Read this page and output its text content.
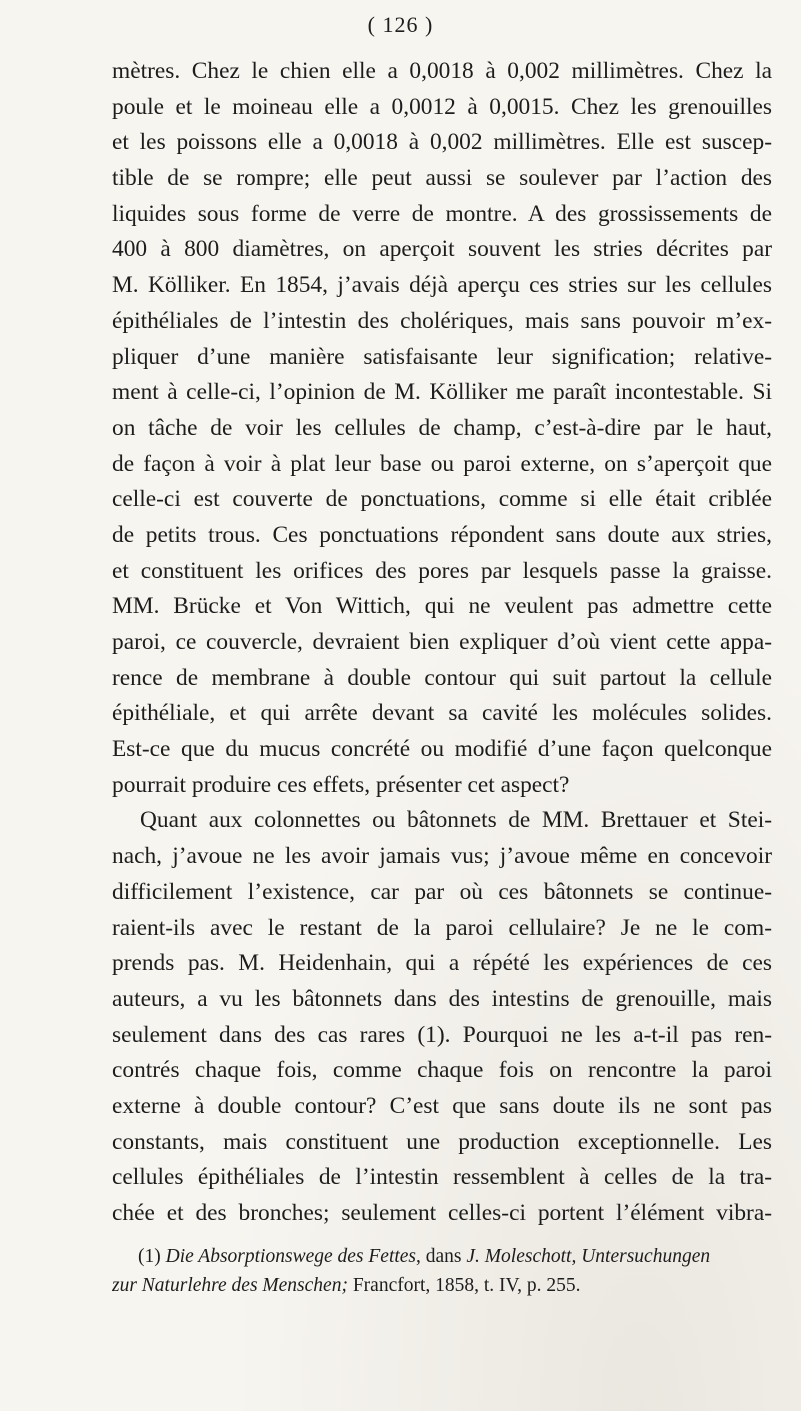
( 126 )
mètres. Chez le chien elle a 0,0018 à 0,002 millimètres. Chez la
poule et le moineau elle a 0,0012 à 0,0015. Chez les grenouilles
et les poissons elle a 0,0018 à 0,002 millimètres. Elle est suscep-
tible de se rompre; elle peut aussi se soulever par l’action des
liquides sous forme de verre de montre. A des grossissements de
400 à 800 diamètres, on aperçoit souvent les stries décrites par
M. Kölliker. En 1854, j’avais déjà aperçu ces stries sur les cellules
épithéliales de l’intestin des cholériques, mais sans pouvoir m’ex-
pliquer d’une manière satisfaisante leur signification; relative-
ment à celle-ci, l’opinion de M. Kölliker me paraît incontestable. Si
on tâche de voir les cellules de champ, c’est-à-dire par le haut,
de façon à voir à plat leur base ou paroi externe, on s’aperçoit que
celle-ci est couverte de ponctuations, comme si elle était criblée
de petits trous. Ces ponctuations répondent sans doute aux stries,
et constituent les orifices des pores par lesquels passe la graisse.
MM. Brücke et Von Wittich, qui ne veulent pas admettre cette
paroi, ce couvercle, devraient bien expliquer d’où vient cette appa-
rence de membrane à double contour qui suit partout la cellule
épithéliale, et qui arrête devant sa cavité les molécules solides.
Est-ce que du mucus concrété ou modifié d’une façon quelconque
pourrait produire ces effets, présenter cet aspect?
Quant aux colonnettes ou bâtonnets de MM. Brettauer et Stei-
nach, j’avoue ne les avoir jamais vus; j’avoue même en concevoir
difficilement l’existence, car par où ces bâtonnets se continue-
raient-ils avec le restant de la paroi cellulaire? Je ne le com-
prends pas. M. Heidenhain, qui a répété les expériences de ces
auteurs, a vu les bâtonnets dans des intestins de grenouille, mais
seulement dans des cas rares (1). Pourquoi ne les a-t-il pas ren-
contrés chaque fois, comme chaque fois on rencontre la paroi
externe à double contour? C’est que sans doute ils ne sont pas
constants, mais constituent une production exceptionnelle. Les
cellules épithéliales de l’intestin ressemblent à celles de la tra-
chée et des bronches; seulement celles-ci portent l’élément vibra-
(1) Die Absorptionswege des Fettes, dans J. Moleschott, Untersuchungen
zur Naturlehre des Menschen; Francfort, 1858, t. IV, p. 255.
